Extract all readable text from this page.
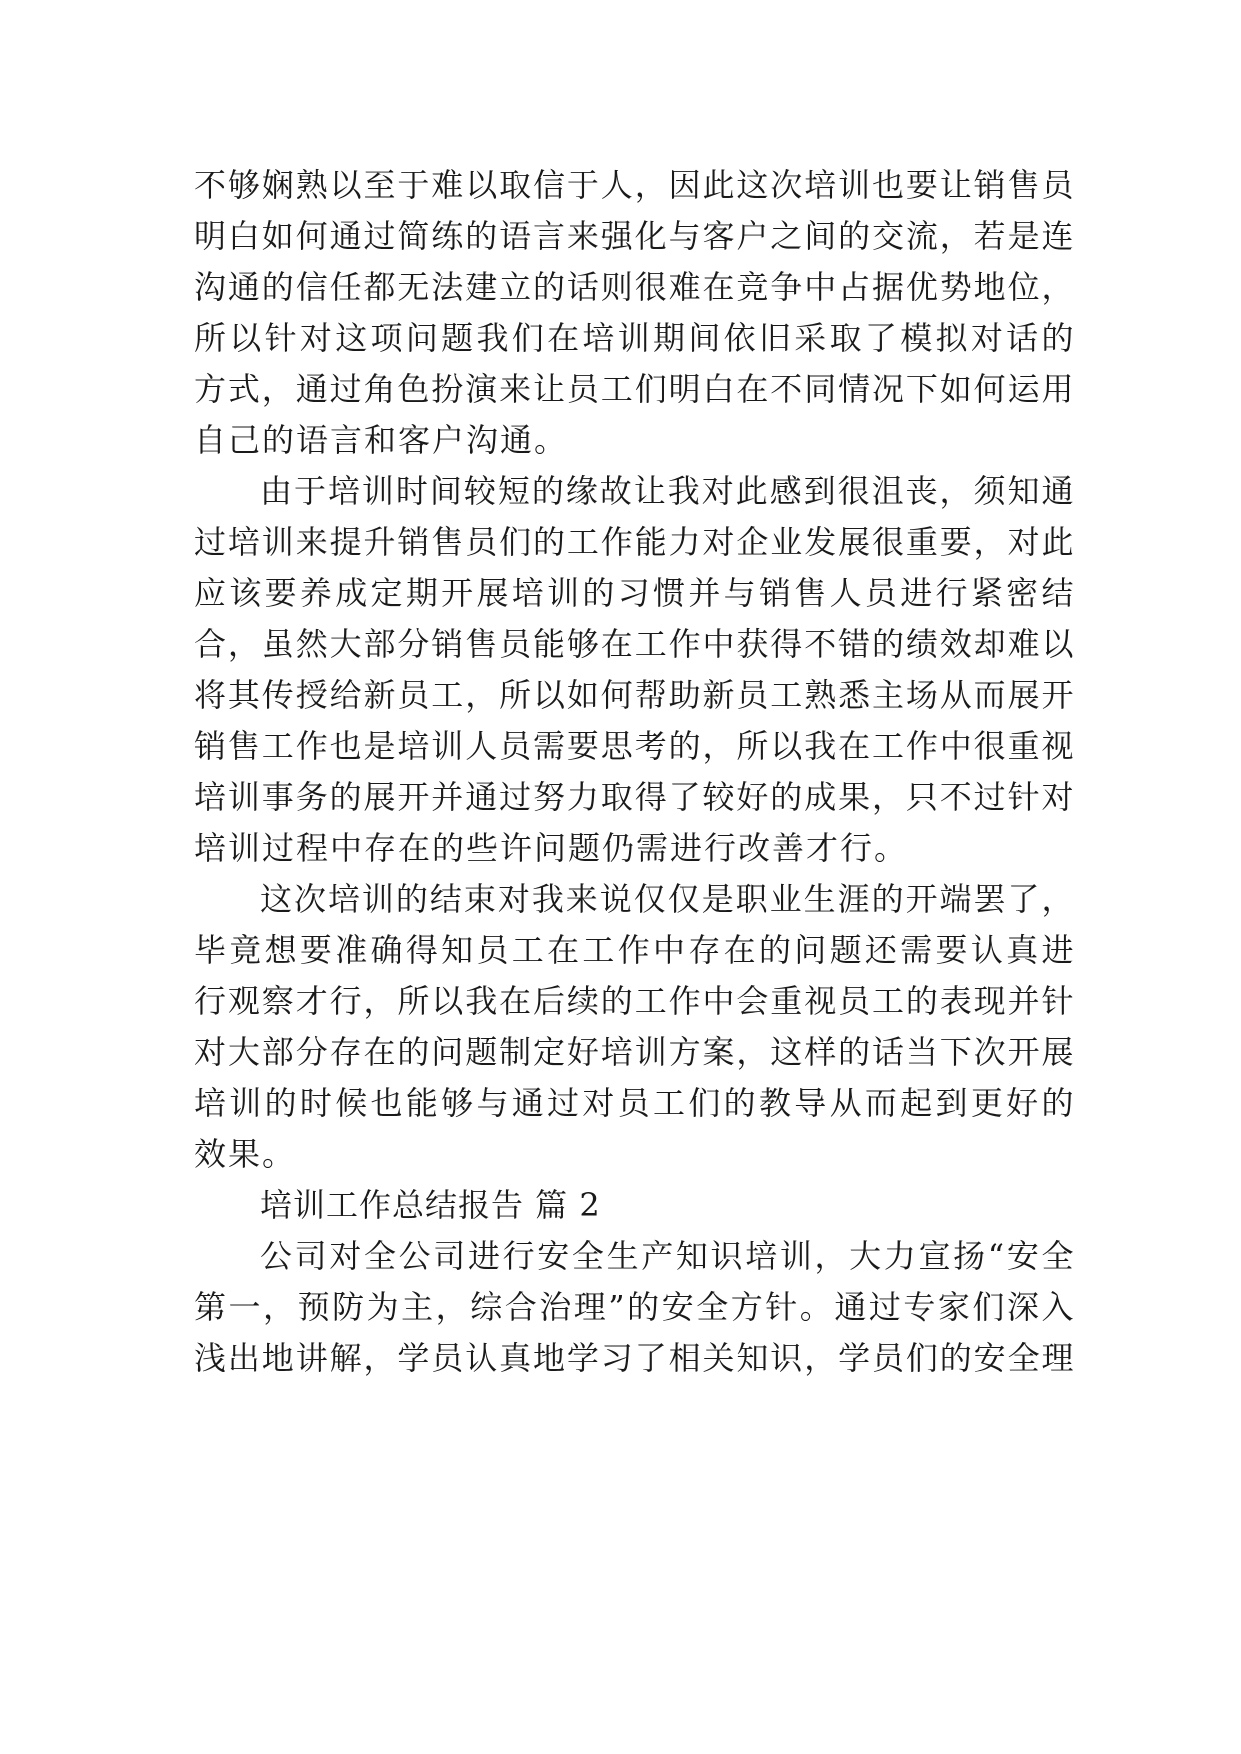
不够娴熟以至于难以取信于人，因此这次培训也要让销售员
明白如何通过简练的语言来强化与客户之间的交流，若是连
沟通的信任都无法建立的话则很难在竞争中占据优势地位，
所以针对这项问题我们在培训期间依旧采取了模拟对话的
方式，通过角色扮演来让员工们明白在不同情况下如何运用
自己的语言和客户沟通。
由于培训时间较短的缘故让我对此感到很沮丧，须知通
过培训来提升销售员们的工作能力对企业发展很重要，对此
应该要养成定期开展培训的习惯并与销售人员进行紧密结
合，虽然大部分销售员能够在工作中获得不错的绩效却难以
将其传授给新员工，所以如何帮助新员工熟悉主场从而展开
销售工作也是培训人员需要思考的，所以我在工作中很重视
培训事务的展开并通过努力取得了较好的成果，只不过针对
培训过程中存在的些许问题仍需进行改善才行。
这次培训的结束对我来说仅仅是职业生涯的开端罢了，
毕竟想要准确得知员工在工作中存在的问题还需要认真进
行观察才行，所以我在后续的工作中会重视员工的表现并针
对大部分存在的问题制定好培训方案，这样的话当下次开展
培训的时候也能够与通过对员工们的教导从而起到更好的
效果。
培训工作总结报告 篇 2
公司对全公司进行安全生产知识培训，大力宣扬“安全
第一，预防为主，综合治理”的安全方针。通过专家们深入
浅出地讲解，学员认真地学习了相关知识，学员们的安全理
